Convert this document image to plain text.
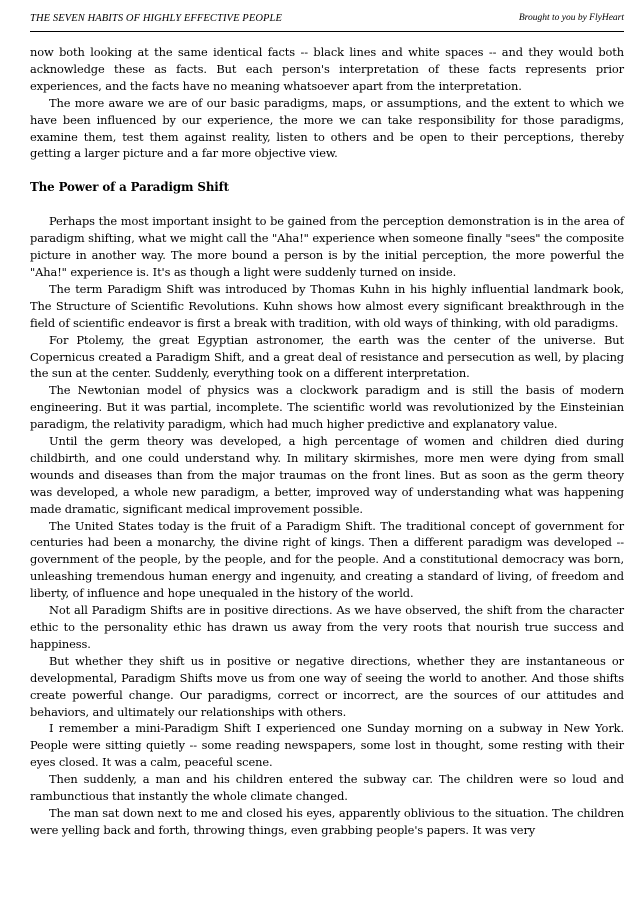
THE SEVEN HABITS OF HIGHLY EFFECTIVE PEOPLE	Brought to you by FlyHeart

now both looking at the same identical facts -- black lines and white spaces -- and they would both acknowledge these as facts. But each person's interpretation of these facts represents prior experiences, and the facts have no meaning whatsoever apart from the interpretation.

The more aware we are of our basic paradigms, maps, or assumptions, and the extent to which we have been influenced by our experience, the more we can take responsibility for those paradigms, examine them, test them against reality, listen to others and be open to their perceptions, thereby getting a larger picture and a far more objective view.

The Power of a Paradigm Shift

Perhaps the most important insight to be gained from the perception demonstration is in the area of paradigm shifting, what we might call the "Aha!" experience when someone finally "sees" the composite picture in another way. The more bound a person is by the initial perception, the more powerful the "Aha!" experience is. It's as though a light were suddenly turned on inside.

The term Paradigm Shift was introduced by Thomas Kuhn in his highly influential landmark book, The Structure of Scientific Revolutions. Kuhn shows how almost every significant breakthrough in the field of scientific endeavor is first a break with tradition, with old ways of thinking, with old paradigms.

For Ptolemy, the great Egyptian astronomer, the earth was the center of the universe. But Copernicus created a Paradigm Shift, and a great deal of resistance and persecution as well, by placing the sun at the center. Suddenly, everything took on a different interpretation.

The Newtonian model of physics was a clockwork paradigm and is still the basis of modern engineering. But it was partial, incomplete. The scientific world was revolutionized by the Einsteinian paradigm, the relativity paradigm, which had much higher predictive and explanatory value.

Until the germ theory was developed, a high percentage of women and children died during childbirth, and one could understand why. In military skirmishes, more men were dying from small wounds and diseases than from the major traumas on the front lines. But as soon as the germ theory was developed, a whole new paradigm, a better, improved way of understanding what was happening made dramatic, significant medical improvement possible.

The United States today is the fruit of a Paradigm Shift. The traditional concept of government for centuries had been a monarchy, the divine right of kings. Then a different paradigm was developed -- government of the people, by the people, and for the people. And a constitutional democracy was born, unleashing tremendous human energy and ingenuity, and creating a standard of living, of freedom and liberty, of influence and hope unequaled in the history of the world.

Not all Paradigm Shifts are in positive directions. As we have observed, the shift from the character ethic to the personality ethic has drawn us away from the very roots that nourish true success and happiness.

But whether they shift us in positive or negative directions, whether they are instantaneous or developmental, Paradigm Shifts move us from one way of seeing the world to another. And those shifts create powerful change. Our paradigms, correct or incorrect, are the sources of our attitudes and behaviors, and ultimately our relationships with others.

I remember a mini-Paradigm Shift I experienced one Sunday morning on a subway in New York. People were sitting quietly -- some reading newspapers, some lost in thought, some resting with their eyes closed. It was a calm, peaceful scene.

Then suddenly, a man and his children entered the subway car. The children were so loud and rambunctious that instantly the whole climate changed.

The man sat down next to me and closed his eyes, apparently oblivious to the situation. The children were yelling back and forth, throwing things, even grabbing people's papers. It was very
